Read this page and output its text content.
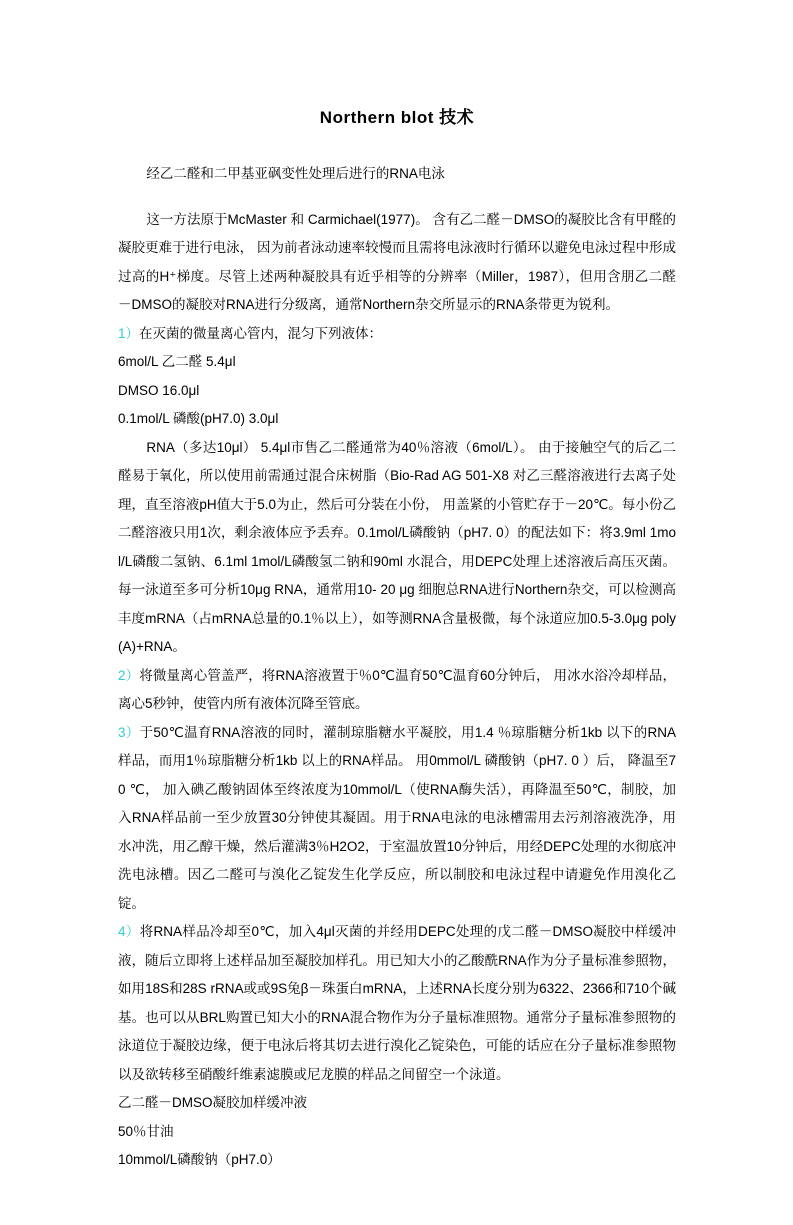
Northern blot 技术

经乙二醛和二甲基亚砜变性处理后进行的RNA电泳

这一方法原于McMaster 和 Carmichael(1977)。 含有乙二醛－DMSO的凝胶比含有甲醛的凝胶更难于进行电泳， 因为前者泳动速率较慢而且需将电泳液时行循环以避免电泳过程中形成过高的H⁺梯度。尽管上述两种凝胶具有近乎相等的分辨率（Miller，1987），但用含朋乙二醛－DMSO的凝胶对RNA进行分级离，通常Northern杂交所显示的RNA条带更为锐利。

1）在灭菌的微量离心管内，混匀下列液体：

6mol/L 乙二醛 5.4μl

DMSO 16.0μl

0.1mol/L 磷酸(pH7.0) 3.0μl

RNA（多达10μl） 5.4μl市售乙二醛通常为40％溶液（6mol/L）。 由于接触空气的后乙二醛易于氧化，所以使用前需通过混合床树脂（Bio-Rad AG 501-X8 对乙三醛溶液进行去离子处理，直至溶液pH值大于5.0为止，然后可分装在小份， 用盖紧的小管贮存于－20℃。每小份乙二醛溶液只用1次，剩余液体应予丢弃。0.1mol/L磷酸钠（pH7. 0）的配法如下：将3.9ml 1mol/L磷酸二氢钠、6.1ml 1mol/L磷酸氢二钠和90ml 水混合，用DEPC处理上述溶液后高压灭菌。每一泳道至多可分析10μg RNA，通常用10- 20 μg 细胞总RNA进行Northern杂交，可以检测高丰度mRNA（占mRNA总量的0.1％以上），如等测RNA含量极微，每个泳道应加0.5-3.0μg poly(A)+RNA。

2）将微量离心管盖严，将RNA溶液置于％0℃温育50℃温育60分钟后， 用冰水浴冷却样品，离心5秒钟，使管内所有液体沉降至管底。

3）于50℃温育RNA溶液的同时，灌制琼脂糖水平凝胶，用1.4 ％琼脂糖分析1kb 以下的RNA样品，而用1％琼脂糖分析1kb 以上的RNA样品。 用0mmol/L 磷酸钠（pH7. 0 ）后， 降温至70 ℃， 加入碘乙酸钠固体至终浓度为10mmol/L（使RNA酶失活），再降温至50℃，制胶，加入RNA样品前一至少放置30分钟使其凝固。用于RNA电泳的电泳槽需用去污剂溶液洗净，用水冲洗，用乙醇干燥，然后灌满3％H2O2，于室温放置10分钟后，用经DEPC处理的水彻底冲洗电泳槽。因乙二醛可与溴化乙锭发生化学反应，所以制胶和电泳过程中请避免作用溴化乙锭。

4）将RNA样品冷却至0℃，加入4μl灭菌的并经用DEPC处理的戊二醛－DMSO凝胶中样缓冲液，随后立即将上述样品加至凝胶加样孔。用已知大小的乙酸酰RNA作为分子量标准参照物，如用18S和28S rRNA或或9S兔β－珠蛋白mRNA，上述RNA长度分别为6322、2366和710个碱基。也可以从BRL购置已知大小的RNA混合物作为分子量标准照物。通常分子量标准参照物的泳道位于凝胶边缘，便于电泳后将其切去进行溴化乙锭染色，可能的话应在分子量标准参照物以及欲转移至硝酸纤维素滤膜或尼龙膜的样品之间留空一个泳道。

乙二醛－DMSO凝胶加样缓冲液

50％甘油

10mmol/L磷酸钠（pH7.0）
